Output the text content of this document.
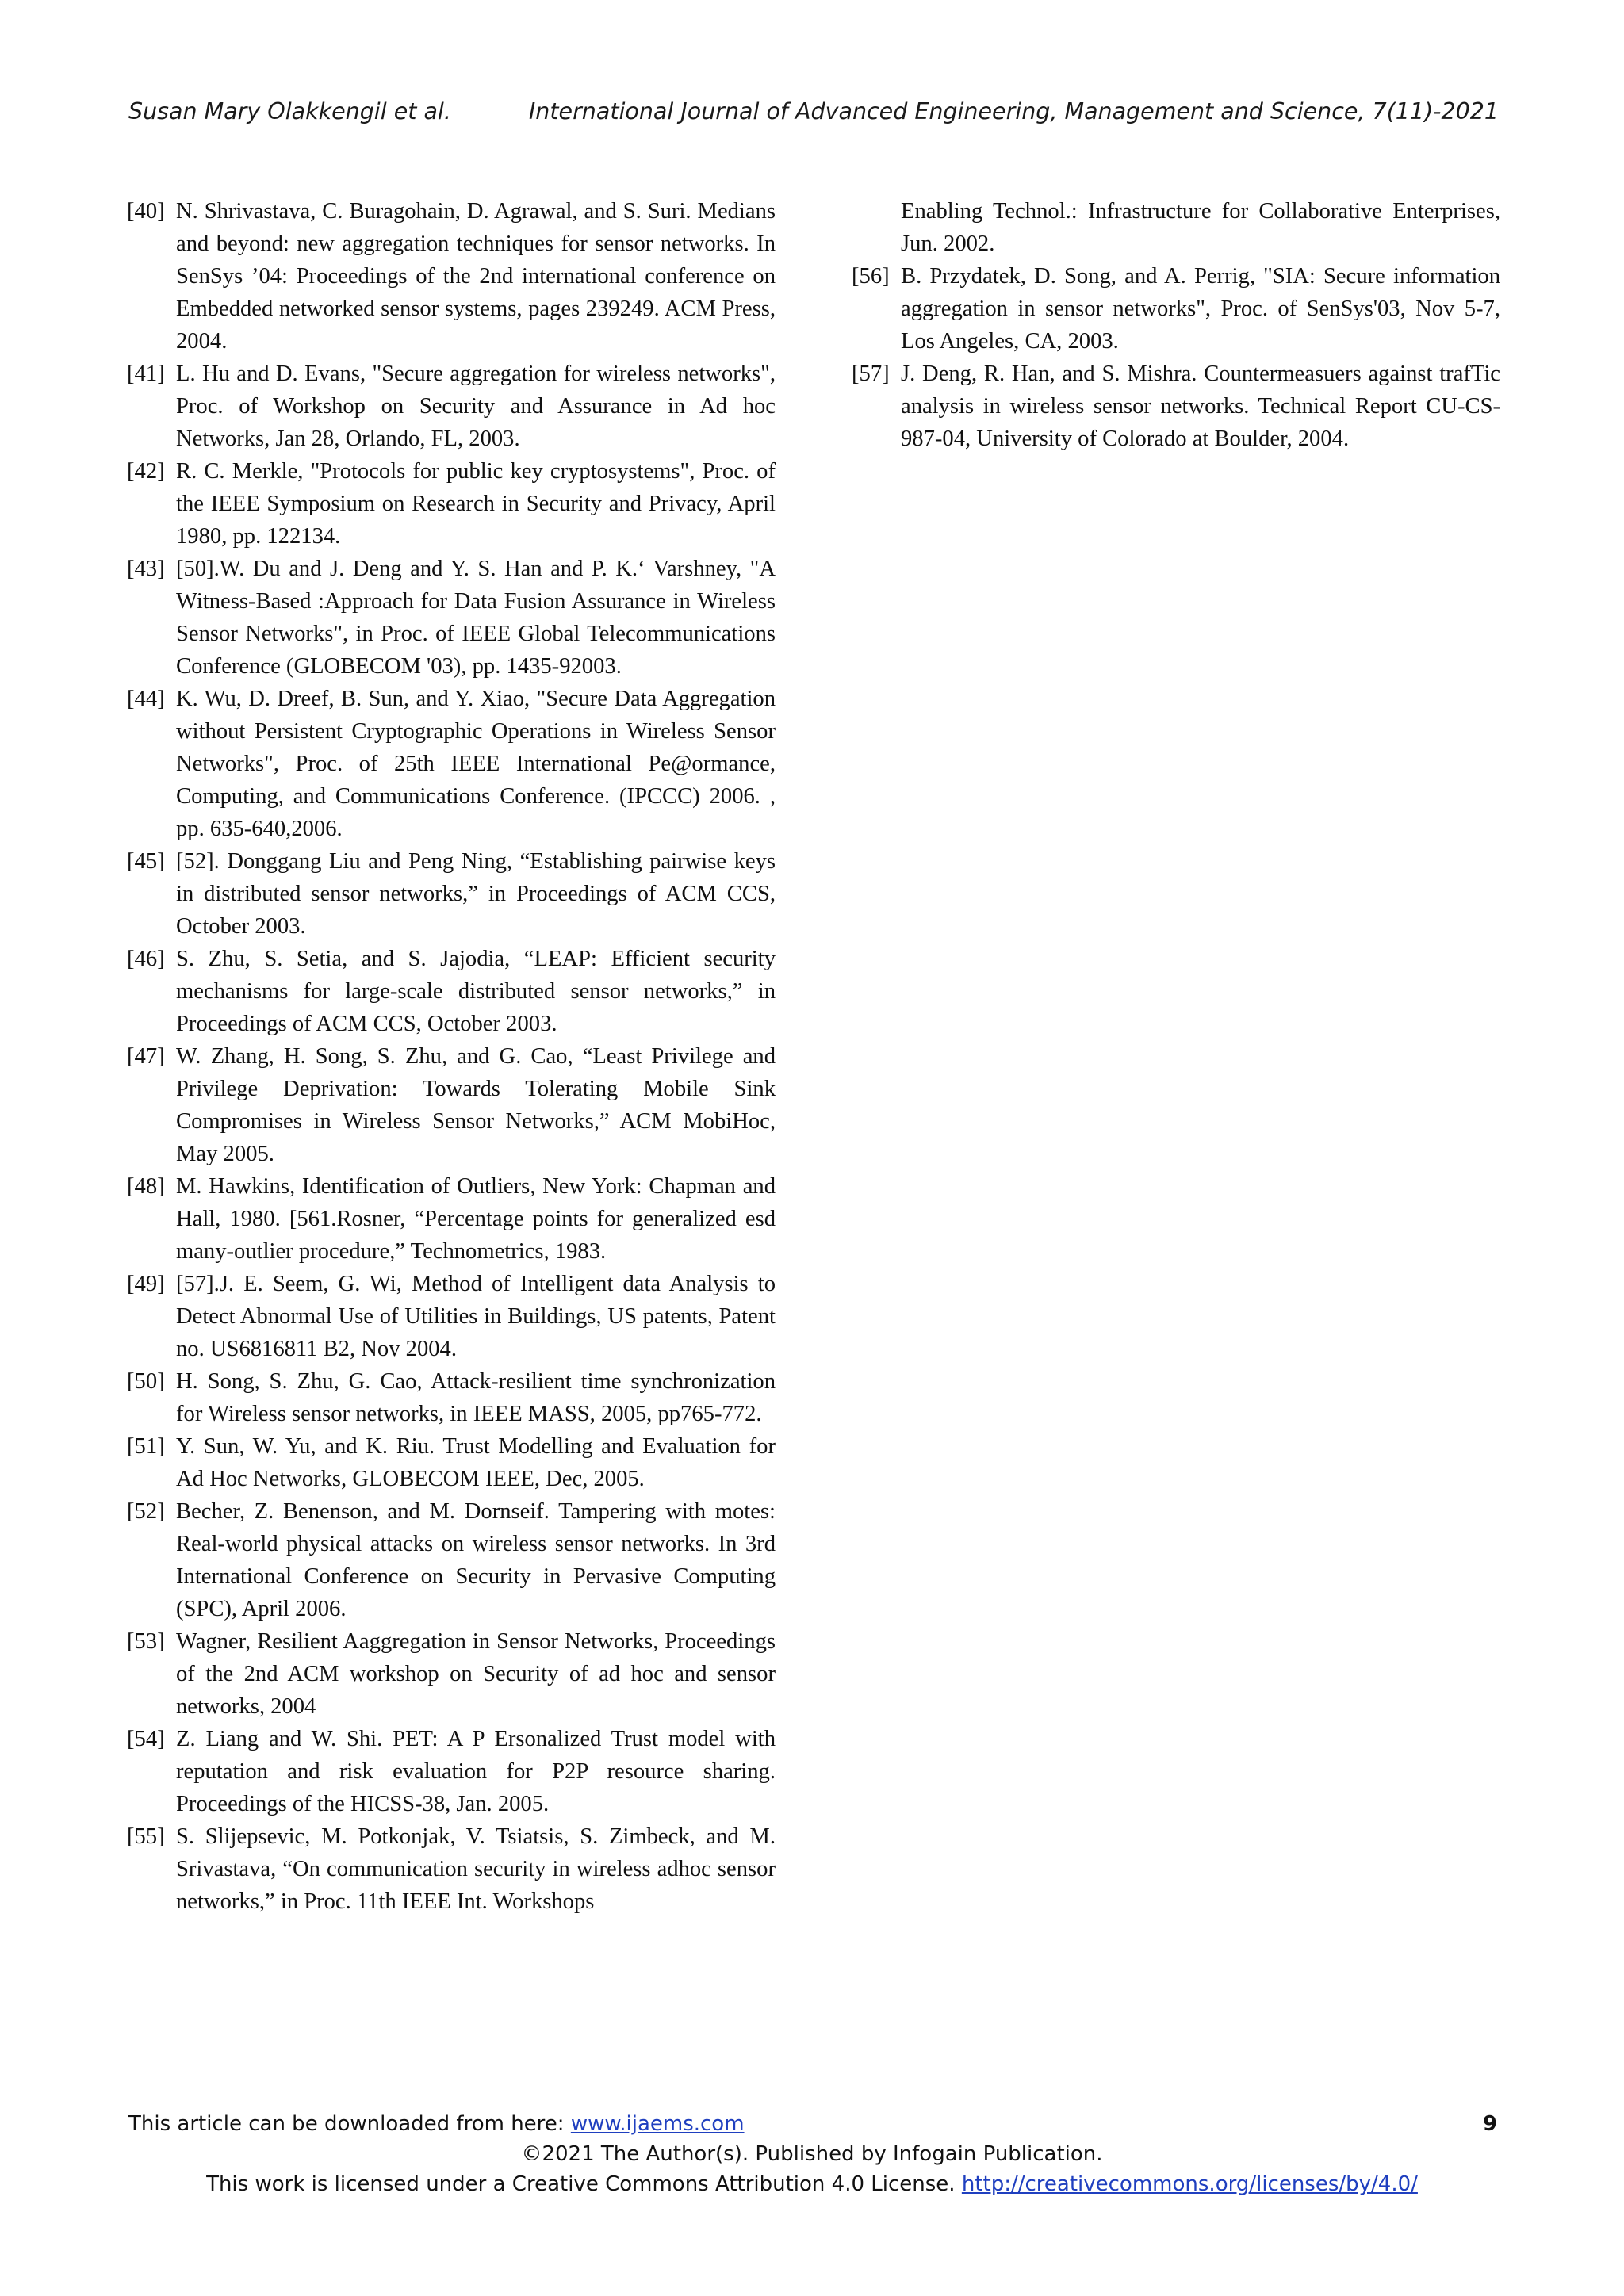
Susan Mary Olakkengil et al.	International Journal of Advanced Engineering, Management and Science, 7(11)-2021
[40] N. Shrivastava, C. Buragohain, D. Agrawal, and S. Suri. Medians and beyond: new aggregation techniques for sensor networks. In SenSys ’04: Proceedings of the 2nd international conference on Embedded networked sensor systems, pages 239249. ACM Press, 2004.
[41] L. Hu and D. Evans, "Secure aggregation for wireless networks", Proc. of Workshop on Security and Assurance in Ad hoc Networks, Jan 28, Orlando, FL, 2003.
[42] R. C. Merkle, "Protocols for public key cryptosystems", Proc. of the IEEE Symposium on Research in Security and Privacy, April 1980, pp. 122134.
[43] [50].W. Du and J. Deng and Y. S. Han and P. K.‘ Varshney, "A Witness-Based :Approach for Data Fusion Assurance in Wireless Sensor Networks", in Proc. of IEEE Global Telecommunications Conference (GLOBECOM '03), pp. 1435-92003.
[44] K. Wu, D. Dreef, B. Sun, and Y. Xiao, "Secure Data Aggregation without Persistent Cryptographic Operations in Wireless Sensor Networks", Proc. of 25th IEEE International Pe@ormance, Computing, and Communications Conference. (IPCCC) 2006. , pp. 635-640,2006.
[45] [52]. Donggang Liu and Peng Ning, “Establishing pairwise keys in distributed sensor networks,” in Proceedings of ACM CCS, October 2003.
[46] S. Zhu, S. Setia, and S. Jajodia, “LEAP: Efficient security mechanisms for large-scale distributed sensor networks,” in Proceedings of ACM CCS, October 2003.
[47] W. Zhang, H. Song, S. Zhu, and G. Cao, “Least Privilege and Privilege Deprivation: Towards Tolerating Mobile Sink Compromises in Wireless Sensor Networks,” ACM MobiHoc, May 2005.
[48] M. Hawkins, Identification of Outliers, New York: Chapman and Hall, 1980. [561.Rosner, “Percentage points for generalized esd many-outlier procedure,” Technometrics, 1983.
[49] [57].J. E. Seem, G. Wi, Method of Intelligent data Analysis to Detect Abnormal Use of Utilities in Buildings, US patents, Patent no. US6816811 B2, Nov 2004.
[50] H. Song, S. Zhu, G. Cao, Attack-resilient time synchronization for Wireless sensor networks, in IEEE MASS, 2005, pp765-772.
[51] Y. Sun, W. Yu, and K. Riu. Trust Modelling and Evaluation for Ad Hoc Networks, GLOBECOM IEEE, Dec, 2005.
[52] Becher, Z. Benenson, and M. Dornseif. Tampering with motes: Real-world physical attacks on wireless sensor networks. In 3rd International Conference on Security in Pervasive Computing (SPC), April 2006.
[53] Wagner, Resilient Aaggregation in Sensor Networks, Proceedings of the 2nd ACM workshop on Security of ad hoc and sensor networks, 2004
[54] Z. Liang and W. Shi. PET: A P Ersonalized Trust model with reputation and risk evaluation for P2P resource sharing. Proceedings of the HICSS-38, Jan. 2005.
[55] S. Slijepsevic, M. Potkonjak, V. Tsiatsis, S. Zimbeck, and M. Srivastava, “On communication security in wireless adhoc sensor networks,” in Proc. 11th IEEE Int. Workshops
Enabling Technol.: Infrastructure for Collaborative Enterprises, Jun. 2002.
[56] B. Przydatek, D. Song, and A. Perrig, "SIA: Secure information aggregation in sensor networks", Proc. of SenSys'03, Nov 5-7, Los Angeles, CA, 2003.
[57] J. Deng, R. Han, and S. Mishra. Countermeasuers against trafTic analysis in wireless sensor networks. Technical Report CU-CS-987-04, University of Colorado at Boulder, 2004.
This article can be downloaded from here: www.ijaems.com	9
©2021 The Author(s). Published by Infogain Publication.
This work is licensed under a Creative Commons Attribution 4.0 License. http://creativecommons.org/licenses/by/4.0/
